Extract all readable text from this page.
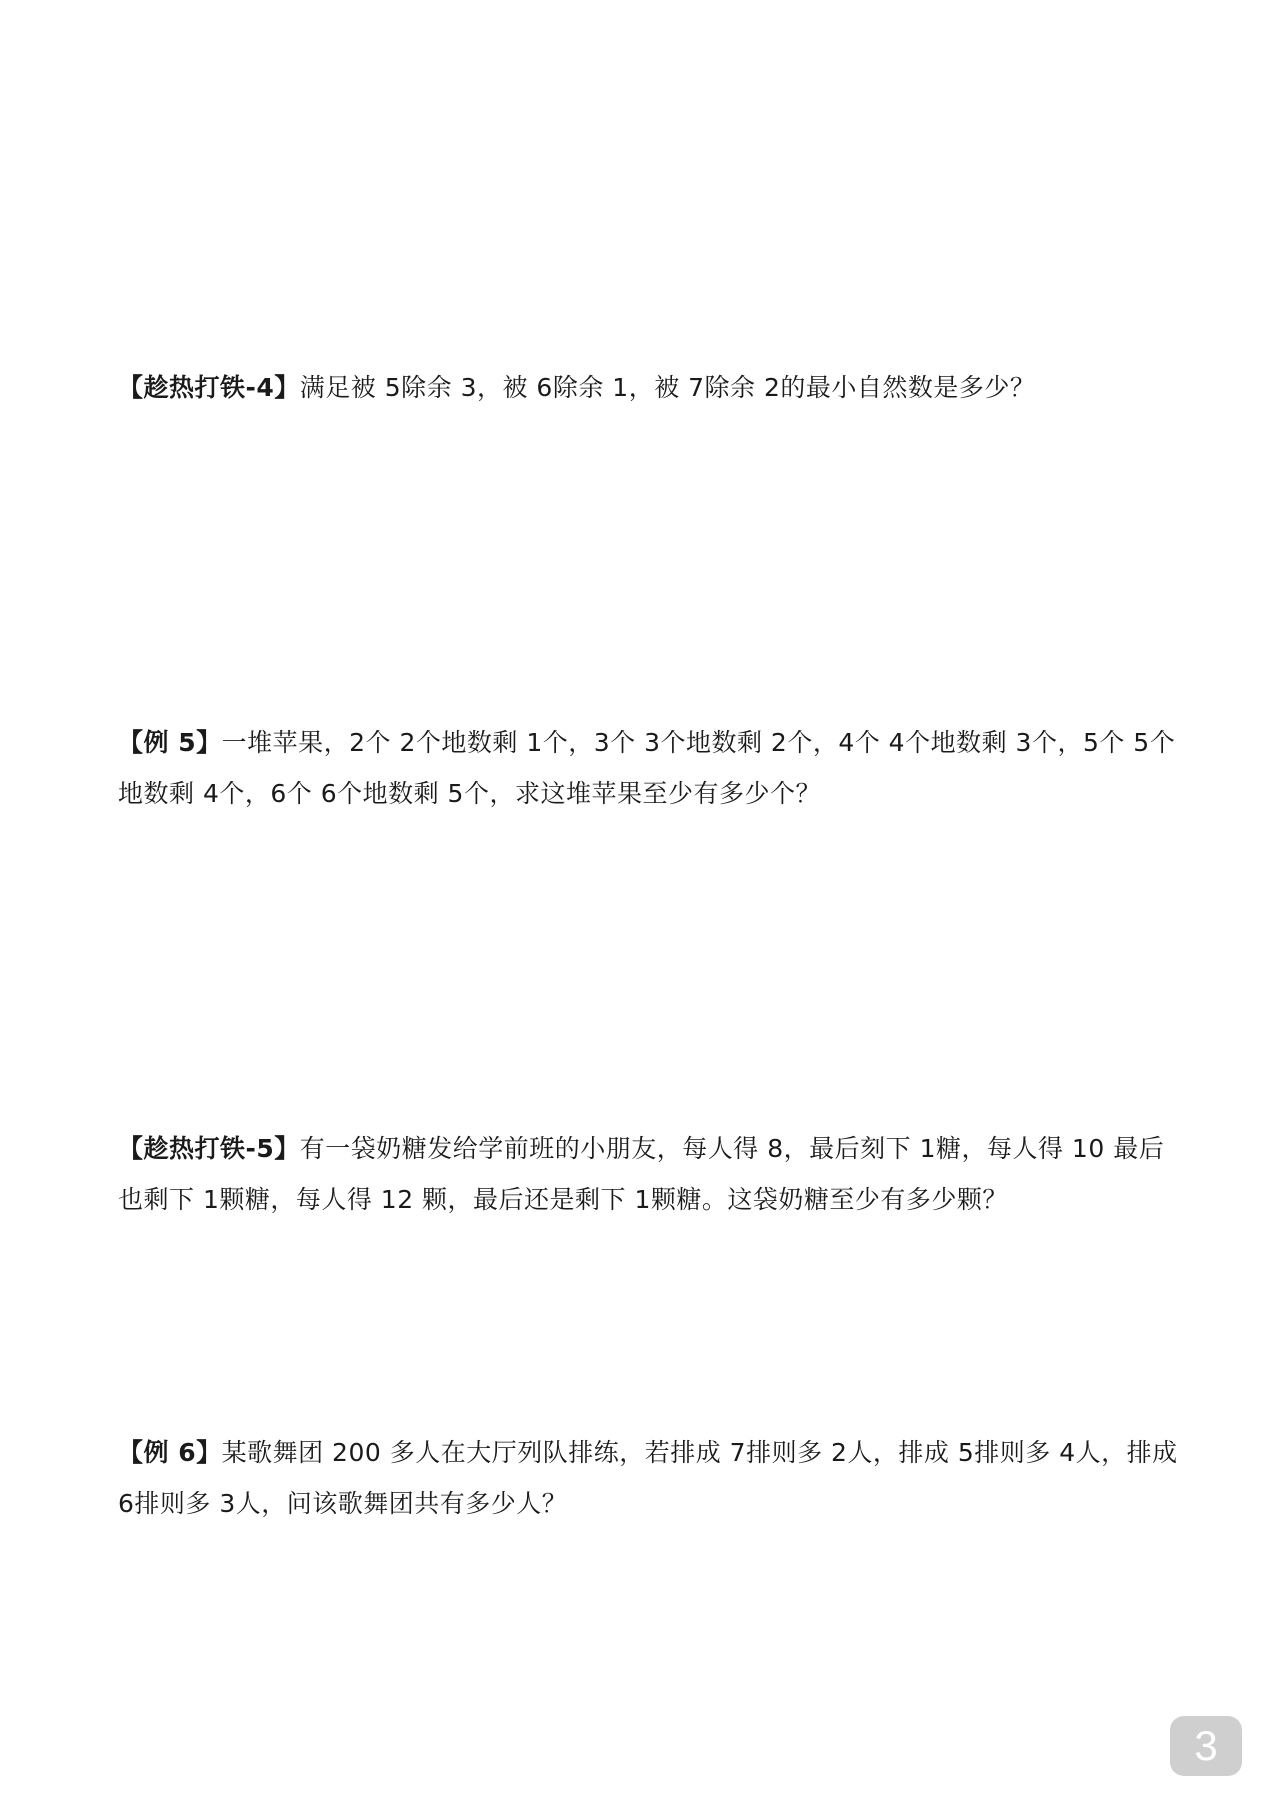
【趁热打铁-4】满足被 5除余 3，被 6除余 1，被 7除余 2的最小自然数是多少？
【例 5】一堆苹果，2个 2个地数剩 1个，3个 3个地数剩 2个，4个 4个地数剩 3个，5个 5个地数剩 4个，6个 6个地数剩 5个，求这堆苹果至少有多少个？
【趁热打铁-5】有一袋奶糖发给学前班的小朋友，每人得 8，最后刻下 1糖，每人得 10 最后也剩下 1颗糖，每人得 12 颗，最后还是剩下 1颗糖。这袋奶糖至少有多少颗？
【例 6】某歌舞团 200 多人在大厅列队排练，若排成 7排则多 2人，排成 5排则多 4人，排成 6排则多 3人，问该歌舞团共有多少人？
3
